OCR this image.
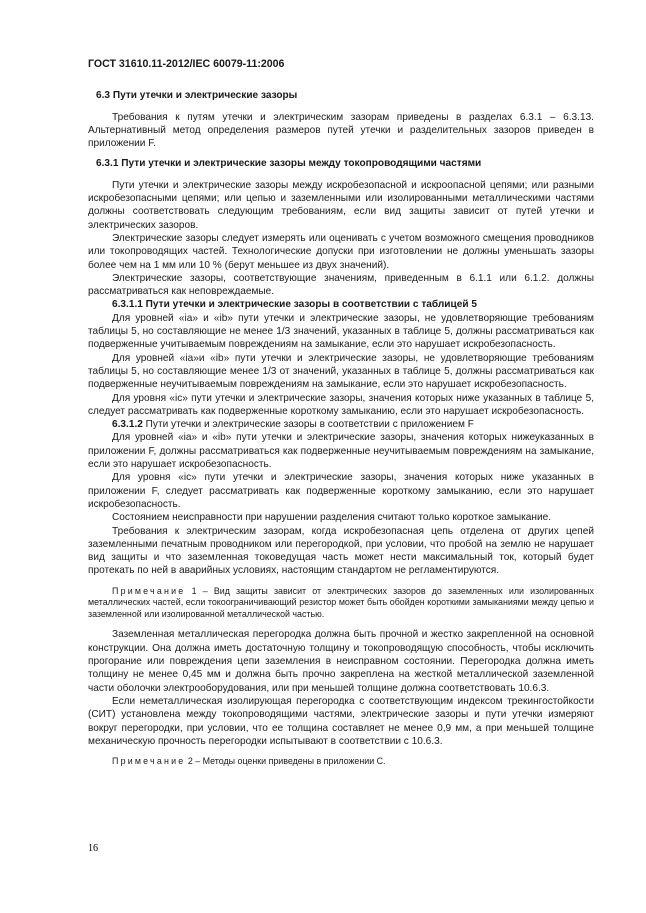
ГОСТ 31610.11-2012/IEC 60079-11:2006
6.3 Пути утечки и электрические зазоры

Требования к путям утечки и электрическим зазорам приведены в разделах 6.3.1 – 6.3.13. Альтернативный метод определения размеров путей утечки и разделительных зазоров приведен в приложении F.

6.3.1 Пути утечки и электрические зазоры между токопроводящими частями

Пути утечки и электрические зазоры между искробезопасной и искроопасной цепями; или разными искробезопасными цепями; или цепью и заземленными или изолированными металлическими частями должны соответствовать следующим требованиям, если вид защиты зависит от путей утечки и электрических зазоров.

Электрические зазоры следует измерять или оценивать с учетом возможного смещения проводников или токопроводящих частей. Технологические допуски при изготовлении не должны уменьшать зазоры более чем на 1 мм или 10 % (берут меньшее из двух значений).

Электрические зазоры, соответствующие значениям, приведенным в 6.1.1 или 6.1.2. должны рассматриваться как неповреждаемые.

6.3.1.1 Пути утечки и электрические зазоры в соответствии с таблицей 5

Для уровней «ia» и «ib» пути утечки и электрические зазоры, не удовлетворяющие требованиям таблицы 5, но составляющие не менее 1/3 значений, указанных в таблице 5, должны рассматриваться как подверженные учитываемым повреждениям на замыкание, если это нарушает искробезопасность.

Для уровней «ia»и «ib» пути утечки и электрические зазоры, не удовлетворяющие требованиям таблицы 5, но составляющие менее 1/3 от значений, указанных в таблице 5, должны рассматриваться как подверженные неучитываемым повреждениям на замыкание, если это нарушает искробезопасность.

Для уровня «ic» пути утечки и электрические зазоры, значения которых ниже указанных в таблице 5, следует рассматривать как подверженные короткому замыканию, если это нарушает искробезопасность.

6.3.1.2 Пути утечки и электрические зазоры в соответствии с приложением F

Для уровней «ia» и «ib» пути утечки и электрические зазоры, значения которых нижеуказанных в приложении F, должны рассматриваться как подверженные неучитываемым повреждениям на замыкание, если это нарушает искробезопасность.

Для уровня «ic» пути утечки и электрические зазоры, значения которых ниже указанных в приложении F, следует рассматривать как подверженные короткому замыканию, если это нарушает искробезопасность.

Состоянием неисправности при нарушении разделения считают только короткое замыкание.

Требования к электрическим зазорам, когда искробезопасная цепь отделена от других цепей заземленными печатным проводником или перегородкой, при условии, что пробой на землю не нарушает вид защиты и что заземленная токоведущая часть может нести максимальный ток, который будет протекать по ней в аварийных условиях, настоящим стандартом не регламентируются.

Примечание 1 – Вид защиты зависит от электрических зазоров до заземленных или изолированных металлических частей, если токоограничивающий резистор может быть обойден короткими замыканиями между цепью и заземленной или изолированной металлической частью.

Заземленная металлическая перегородка должна быть прочной и жестко закрепленной на основной конструкции. Она должна иметь достаточную толщину и токопроводящую способность, чтобы исключить прогорание или повреждения цепи заземления в неисправном состоянии. Перегородка должна иметь толщину не менее 0,45 мм и должна быть прочно закреплена на жесткой металлической заземленной части оболочки электрооборудования, или при меньшей толщине должна соответствовать 10.6.3.

Если неметаллическая изолирующая перегородка с соответствующим индексом трекингостойкости (СИТ) установлена между токопроводящими частями, электрические зазоры и пути утечки измеряют вокруг перегородки, при условии, что ее толщина составляет не менее 0,9 мм, а при меньшей толщине механическую прочность перегородки испытывают в соответствии с 10.6.3.

Примечание 2 – Методы оценки приведены в приложении С.
16
